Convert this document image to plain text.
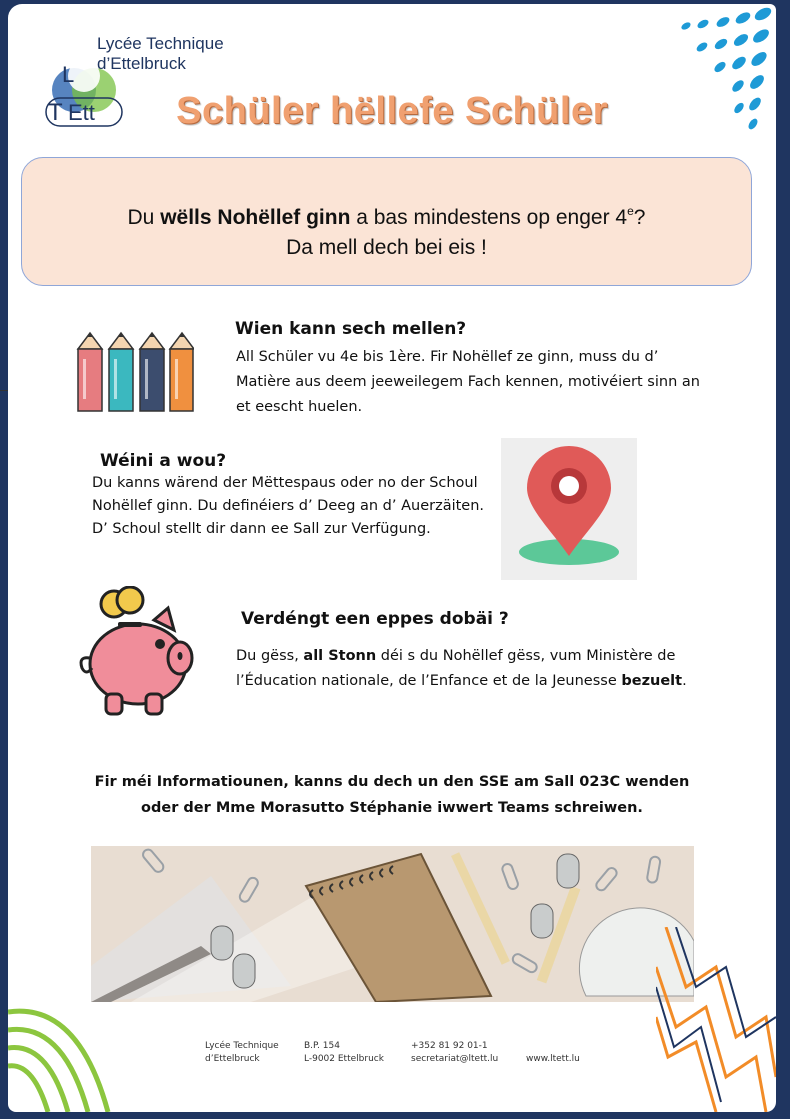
L
T Ett
Lycée Technique
d’Ettelbruck
Schüler hëllefe Schüler
Du wëlls Nohëllef ginn a bas mindestens op enger 4e?
Da mell dech bei eis !
Wien kann sech mellen?
All Schüler vu 4e bis 1ère. Fir Nohëllef ze ginn, muss du d’ Matière aus deem jeeweilegem Fach kennen, motivéiert sinn an et eescht huelen.
Wéini a wou?
Du kanns wärend der Mëttespaus oder no der Schoul Nohëllef ginn. Du definéiers d’ Deeg an d’ Auerzäiten. D’ Schoul stellt dir dann ee Sall zur Verfügung.
Verdéngt een eppes dobäi ?
Du gëss, all Stonn déi s du Nohëllef gëss, vum Ministère de l’Éducation nationale, de l’Enfance et de la Jeunesse bezuelt.
Fir méi Informatiounen, kanns du dech un den SSE am Sall 023C wenden
oder der Mme Morasutto Stéphanie iwwert Teams schreiwen.
Lycée Technique
d’Ettelbruck
B.P. 154
L-9002 Ettelbruck
+352 81 92 01-1
secretariat@ltett.lu	www.ltett.lu
